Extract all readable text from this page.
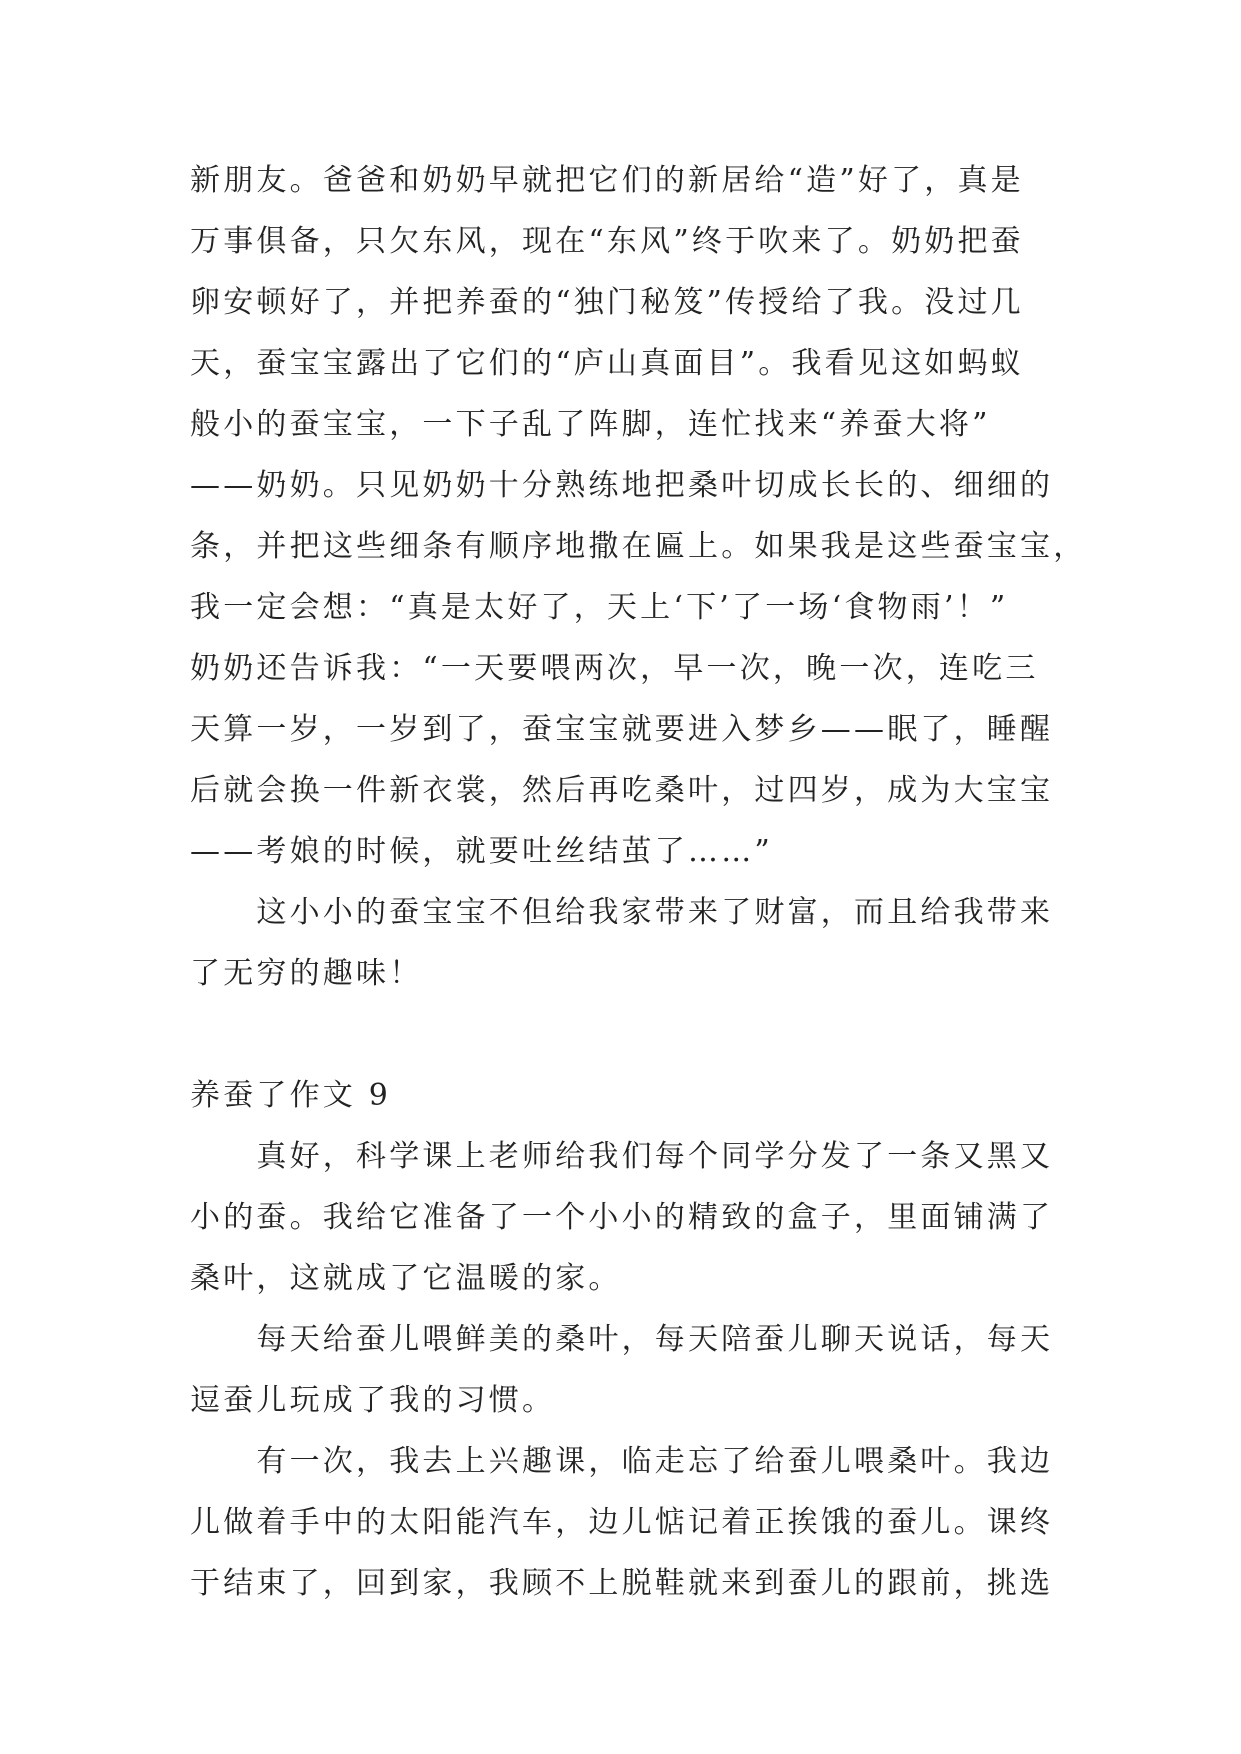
新朋友。爸爸和奶奶早就把它们的新居给“造”好了，真是
万事俱备，只欠东风，现在“东风”终于吹来了。奶奶把蚕
卵安顿好了，并把养蚕的“独门秘笈”传授给了我。没过几
天，蚕宝宝露出了它们的“庐山真面目”。我看见这如蚂蚁
般小的蚕宝宝，一下子乱了阵脚，连忙找来“养蚕大将”
——奶奶。只见奶奶十分熟练地把桑叶切成长长的、细细的
条，并把这些细条有顺序地撒在匾上。如果我是这些蚕宝宝，
我一定会想：“真是太好了，天上‘下’了一场‘食物雨’！”
奶奶还告诉我：“一天要喂两次，早一次，晚一次，连吃三
天算一岁，一岁到了，蚕宝宝就要进入梦乡——眠了，睡醒
后就会换一件新衣裳，然后再吃桑叶，过四岁，成为大宝宝
——考娘的时候，就要吐丝结茧了……”
　　这小小的蚕宝宝不但给我家带来了财富，而且给我带来
了无穷的趣味！
养蚕了作文 9
　　真好，科学课上老师给我们每个同学分发了一条又黑又
小的蚕。我给它准备了一个小小的精致的盒子，里面铺满了
桑叶，这就成了它温暖的家。
　　每天给蚕儿喂鲜美的桑叶，每天陪蚕儿聊天说话，每天
逗蚕儿玩成了我的习惯。
　　有一次，我去上兴趣课，临走忘了给蚕儿喂桑叶。我边
儿做着手中的太阳能汽车，边儿惦记着正挨饿的蚕儿。课终
于结束了，回到家，我顾不上脱鞋就来到蚕儿的跟前，挑选
